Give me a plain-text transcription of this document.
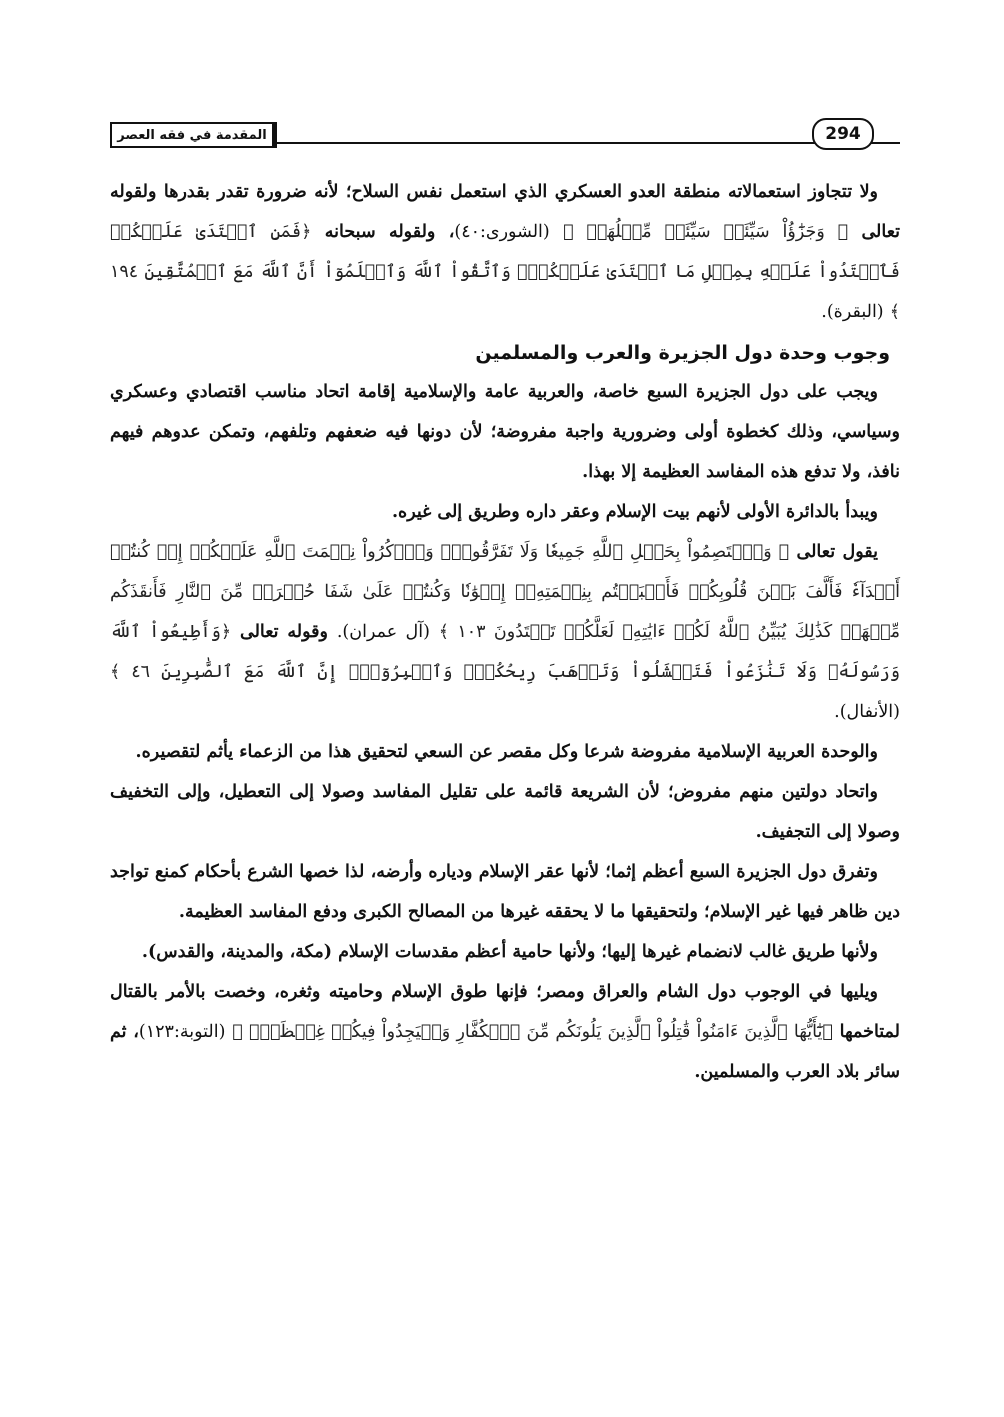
294
المقدمة في فقه العصر

ولا تتجاوز استعمالاته منطقة العدو العسكري الذي استعمل نفس السلاح؛ لأنه ضرورة تقدر بقدرها ولقوله تعالى ﴿ وَجَزَٰٓؤُاْ سَيِّئَةٖ سَيِّئَةٞ مِّثۡلُهَاۖ ﴾ (الشورى:٤٠)، ولقوله سبحانه ﴿فَمَنِ ٱعۡتَدَىٰ عَلَيۡكُمۡ فَٱعۡتَدُواْ عَلَيۡهِ بِمِثۡلِ مَا ٱعۡتَدَىٰ عَلَيۡكُمۡۚ وَٱتَّقُواْ ٱللَّهَ وَٱعۡلَمُوٓاْ أَنَّ ٱللَّهَ مَعَ ٱلۡمُتَّقِينَ ١٩٤ ﴾ (البقرة).

وجوب وحدة دول الجزيرة والعرب والمسلمين

ويجب على دول الجزيرة السبع خاصة، والعربية عامة والإسلامية إقامة اتحاد مناسب اقتصادي وعسكري وسياسي، وذلك كخطوة أولى وضرورية واجبة مفروضة؛ لأن دونها فيه ضعفهم وتلفهم، وتمكن عدوهم فيهم نافذ، ولا تدفع هذه المفاسد العظيمة إلا بهذا.

ويبدأ بالدائرة الأولى لأنهم بيت الإسلام وعقر داره وطريق إلى غيره.

يقول تعالى ﴿ وَٱعۡتَصِمُواْ بِحَبۡلِ ٱللَّهِ جَمِيعٗا وَلَا تَفَرَّقُواْۚ وَٱذۡكُرُواْ نِعۡمَتَ ٱللَّهِ عَلَيۡكُمۡ إِذۡ كُنتُمۡ أَعۡدَآءٗ فَأَلَّفَ بَيۡنَ قُلُوبِكُمۡ فَأَصۡبَحۡتُم بِنِعۡمَتِهِۦٓ إِخۡوَٰنٗا وَكُنتُمۡ عَلَىٰ شَفَا حُفۡرَةٖ مِّنَ ٱلنَّارِ فَأَنقَذَكُم مِّنۡهَاۗ كَذَٰلِكَ يُبَيِّنُ ٱللَّهُ لَكُمۡ ءَايَٰتِهِۦ لَعَلَّكُمۡ تَهۡتَدُونَ ١٠٣ ﴾ (آل عمران). وقوله تعالى ﴿وَأَطِيعُواْ ٱللَّهَ وَرَسُولَهُۥ وَلَا تَنَٰزَعُواْ فَتَفۡشَلُواْ وَتَذۡهَبَ رِيحُكُمۡۖ وَٱصۡبِرُوٓاْۚ إِنَّ ٱللَّهَ مَعَ ٱلصَّٰبِرِينَ ٤٦ ﴾ (الأنفال).

والوحدة العربية الإسلامية مفروضة شرعا وكل مقصر عن السعي لتحقيق هذا من الزعماء يأثم لتقصيره.

واتحاد دولتين منهم مفروض؛ لأن الشريعة قائمة على تقليل المفاسد وصولا إلى التعطيل، وإلى التخفيف وصولا إلى التجفيف.

وتفرق دول الجزيرة السبع أعظم إثما؛ لأنها عقر الإسلام ودياره وأرضه، لذا خصها الشرع بأحكام كمنع تواجد دين ظاهر فيها غير الإسلام؛ ولتحقيقها ما لا يحققه غيرها من المصالح الكبرى ودفع المفاسد العظيمة.

ولأنها طريق غالب لانضمام غيرها إليها؛ ولأنها حامية أعظم مقدسات الإسلام (مكة، والمدينة، والقدس).

ويليها في الوجوب دول الشام والعراق ومصر؛ فإنها طوق الإسلام وحاميته وثغره، وخصت بالأمر بالقتال لمتاخمها ﴿يَٰٓأَيُّهَا ٱلَّذِينَ ءَامَنُواْ قَٰتِلُواْ ٱلَّذِينَ يَلُونَكُم مِّنَ ٱلۡكُفَّارِ وَلۡيَجِدُواْ فِيكُمۡ غِلۡظَةٗۚ ﴾ (التوبة:١٢٣)، ثم سائر بلاد العرب والمسلمين.
